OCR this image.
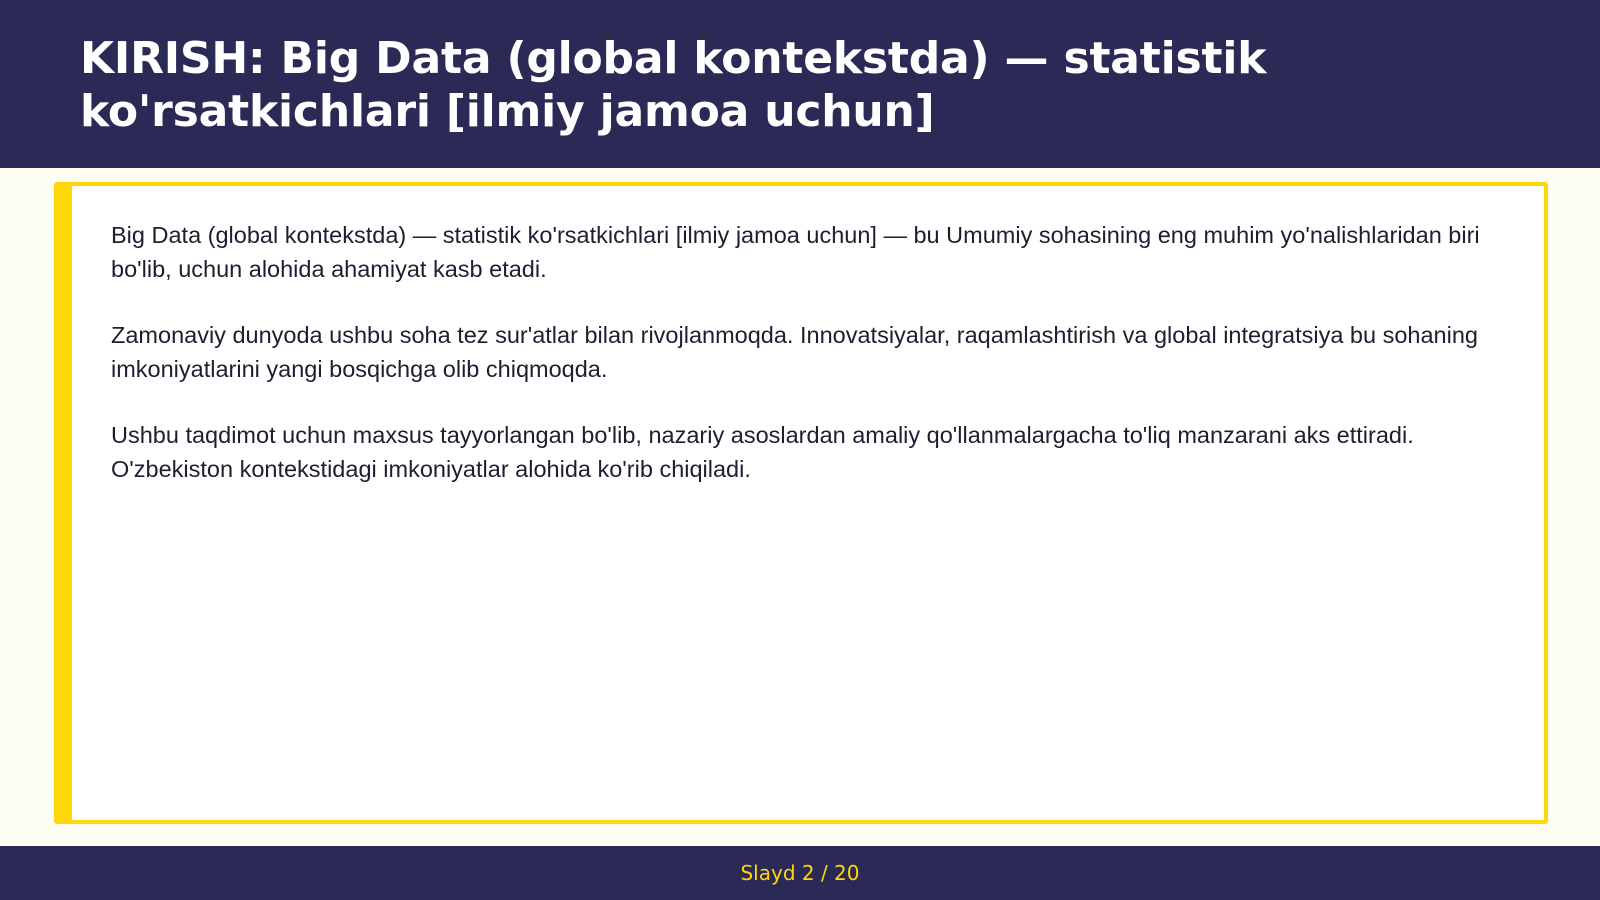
KIRISH: Big Data (global kontekstda) — statistik ko'rsatkichlari [ilmiy jamoa uchun]

Big Data (global kontekstda) — statistik ko'rsatkichlari [ilmiy jamoa uchun] — bu Umumiy sohasining eng muhim yo'nalishlaridan biri bo'lib, uchun alohida ahamiyat kasb etadi.

Zamonaviy dunyoda ushbu soha tez sur'atlar bilan rivojlanmoqda. Innovatsiyalar, raqamlashtirish va global integratsiya bu sohaning imkoniyatlarini yangi bosqichga olib chiqmoqda.

Ushbu taqdimot uchun maxsus tayyorlangan bo'lib, nazariy asoslardan amaliy qo'llanmalargacha to'liq manzarani aks ettiradi. O'zbekiston kontekstidagi imkoniyatlar alohida ko'rib chiqiladi.

Slayd 2 / 20
